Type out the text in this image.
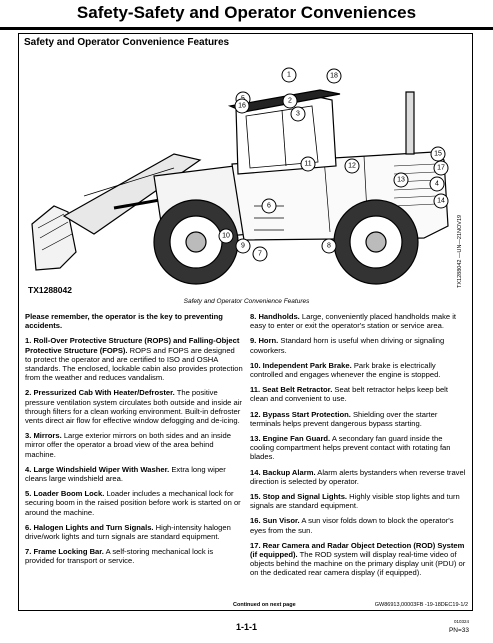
Safety-Safety and Operator Conveniences
Safety and Operator Convenience Features
1
2
3
4
6
7
8
9
10
11	12
13
14
15
16
17
18
TX1288042
TX1288042 —UN—21NOV19
Safety and Operator Convenience Features

Please remember, the operator is the key to preventing accidents.

1. Roll-Over Protective Structure (ROPS) and Falling-Object Protective Structure (FOPS). ROPS and FOPS are designed to protect the operator and are certified to ISO and OSHA standards. The enclosed, lockable cabin also provides protection from the weather and reduces vandalism.

2. Pressurized Cab With Heater/Defroster. The positive pressure ventilation system circulates both outside and inside air through filters for a clean working environment. Built-in defroster vents direct air flow for effective window defogging and de-icing.

3. Mirrors. Large exterior mirrors on both sides and an inside mirror offer the operator a broad view of the area behind machine.

4. Large Windshield Wiper With Washer. Extra long wiper cleans large windshield area.

5. Loader Boom Lock. Loader includes a mechanical lock for securing boom in the raised position before work is started on or around the machine.

6. Halogen Lights and Turn Signals. High-intensity halogen drive/work lights and turn signals are standard equipment.

7. Frame Locking Bar. A self-storing mechanical lock is provided for transport or service.

8. Handholds. Large, conveniently placed handholds make it easy to enter or exit the operator's station or service area.

9. Horn. Standard horn is useful when driving or signaling coworkers.

10. Independent Park Brake. Park brake is electrically controlled and engages whenever the engine is stopped.

11. Seat Belt Retractor. Seat belt retractor helps keep belt clean and convenient to use.

12. Bypass Start Protection. Shielding over the starter terminals helps prevent dangerous bypass starting.

13. Engine Fan Guard. A secondary fan guard inside the cooling compartment helps prevent contact with rotating fan blades.

14. Backup Alarm. Alarm alerts bystanders when reverse travel direction is selected by operator.

15. Stop and Signal Lights. Highly visible stop lights and turn signals are standard equipment.

16. Sun Visor. A sun visor folds down to block the operator's eyes from the sun.

17. Rear Camera and Radar Object Detection (ROD) System (if equipped). The ROD system will display real-time video of objects behind the machine on the primary display unit (PDU) or on the dedicated rear camera display (if equipped).

Continued on next page	GW86913,00003FB -19-18DEC19-1/2
1-1-1
010324
PN=33
